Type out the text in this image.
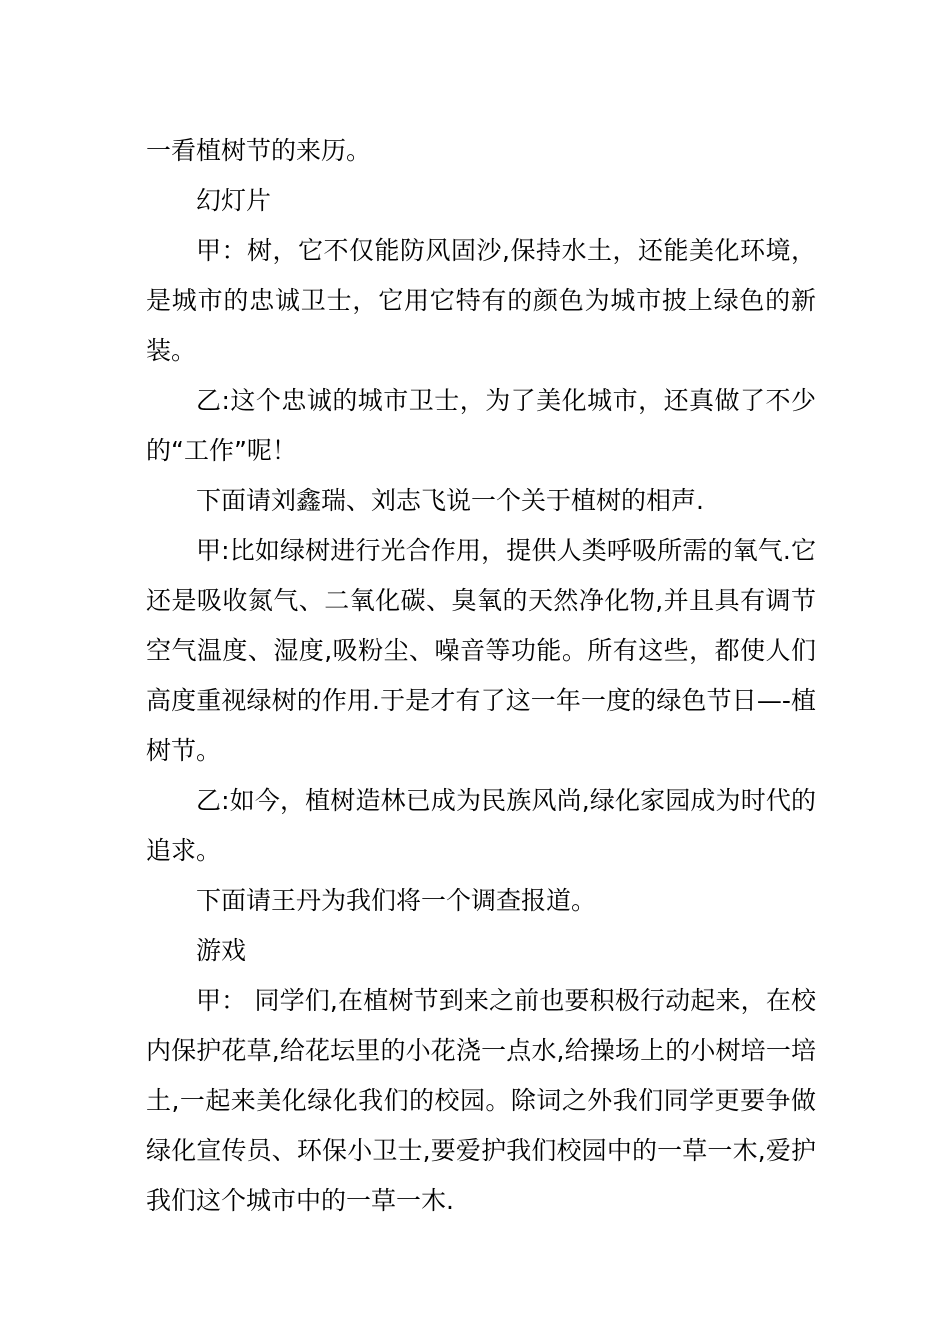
一看植树节的来历。

幻灯片

甲：树，它不仅能防风固沙,保持水土，还能美化环境，是城市的忠诚卫士，它用它特有的颜色为城市披上绿色的新装。

乙:这个忠诚的城市卫士，为了美化城市，还真做了不少的“工作”呢！

下面请刘鑫瑞、刘志飞说一个关于植树的相声.

甲:比如绿树进行光合作用，提供人类呼吸所需的氧气.它还是吸收氮气、二氧化碳、臭氧的天然净化物,并且具有调节空气温度、湿度,吸粉尘、噪音等功能。所有这些，都使人们高度重视绿树的作用.于是才有了这一年一度的绿色节日—-植树节。

乙:如今，植树造林已成为民族风尚,绿化家园成为时代的追求。

下面请王丹为我们将一个调查报道。

游戏

甲： 同学们,在植树节到来之前也要积极行动起来，在校内保护花草,给花坛里的小花浇一点水,给操场上的小树培一培土,一起来美化绿化我们的校园。除词之外我们同学更要争做绿化宣传员、环保小卫士,要爱护我们校园中的一草一木,爱护我们这个城市中的一草一木.
